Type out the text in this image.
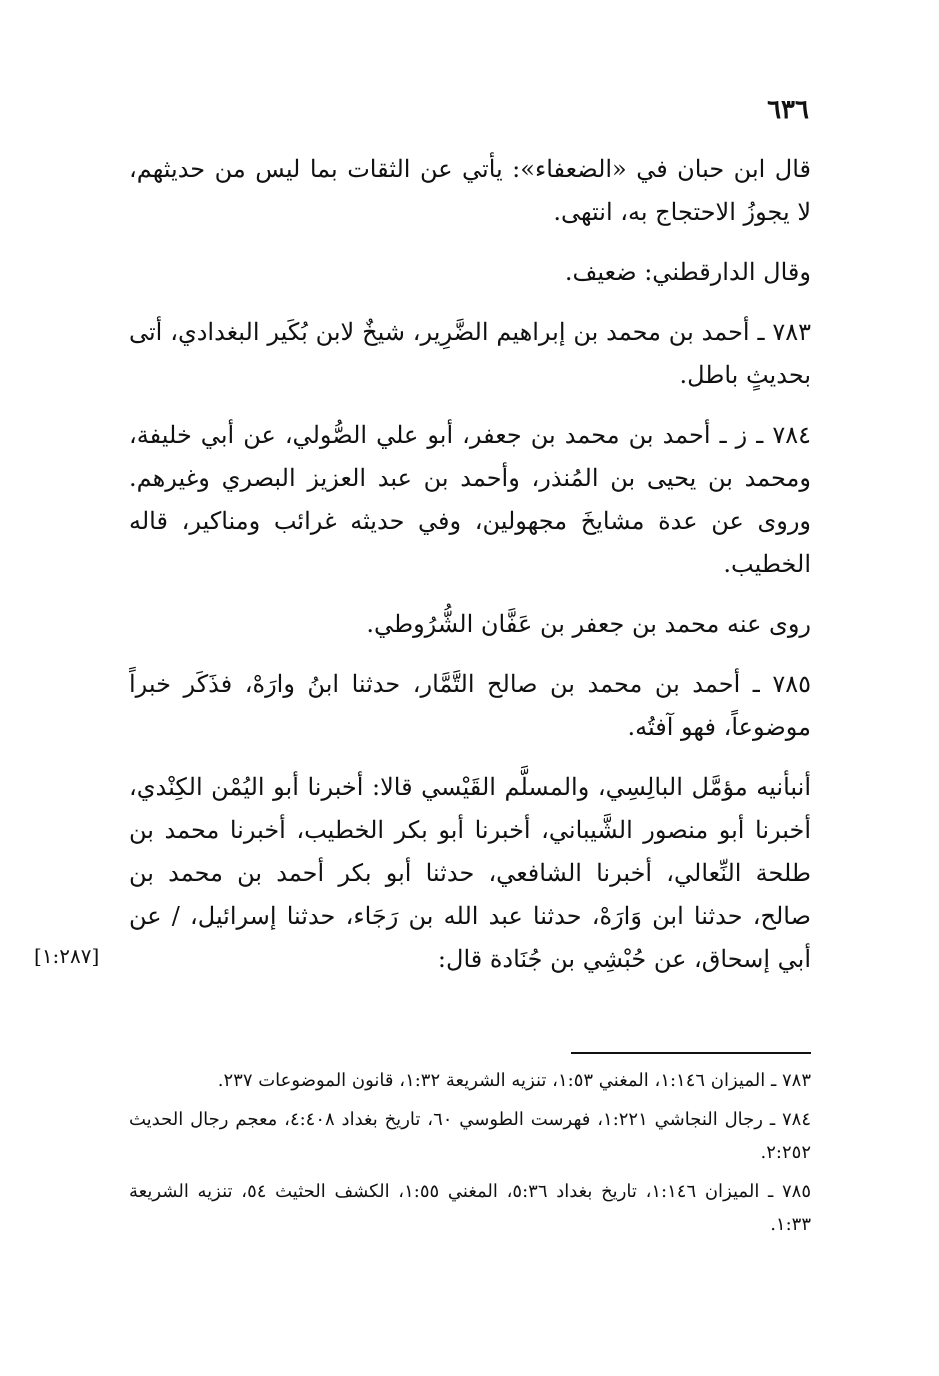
٦٣٦

قال ابن حبان في «الضعفاء»: يأتي عن الثقات بما ليس من حديثهم، لا يجوزُ الاحتجاج به، انتهى.

وقال الدارقطني: ضعيف.

٧٨٣ ـ أحمد بن محمد بن إبراهيم الضَّرِير، شيخٌ لابن بُكَير البغدادي، أتى بحديثٍ باطل.

٧٨٤ ـ ز ـ أحمد بن محمد بن جعفر، أبو علي الصُّولي، عن أبي خليفة، ومحمد بن يحيى بن المُنذر، وأحمد بن عبد العزيز البصري وغيرهم. وروى عن عدة مشايخَ مجهولين، وفي حديثه غرائب ومناكير، قاله الخطيب.

روى عنه محمد بن جعفر بن عَفَّان الشُّرُوطي.

٧٨٥ ـ أحمد بن محمد بن صالح التَّمَّار، حدثنا ابنُ وارَهْ، فذَكَر خبراً موضوعاً، فهو آفتُه.

أنبأنيه مؤمَّل البالِسِي، والمسلَّم القَيْسي قالا: أخبرنا أبو اليُمْن الكِنْدي، أخبرنا أبو منصور الشَّيباني، أخبرنا أبو بكر الخطيب، أخبرنا محمد بن طلحة النِّعالي، أخبرنا الشافعي، حدثنا أبو بكر أحمد بن محمد بن صالح، حدثنا ابن وَارَهْ، حدثنا عبد الله بن رَجَاء، حدثنا إسرائيل، / عن أبي إسحاق، عن حُبْشِي بن جُنَادة قال:

[١:٢٨٧]

٧٨٣ ـ الميزان ١:١٤٦، المغني ١:٥٣، تنزيه الشريعة ١:٣٢، قانون الموضوعات ٢٣٧.

٧٨٤ ـ رجال النجاشي ١:٢٢١، فهرست الطوسي ٦٠، تاريخ بغداد ٤:٤٠٨، معجم رجال الحديث ٢:٢٥٢.

٧٨٥ ـ الميزان ١:١٤٦، تاريخ بغداد ٥:٣٦، المغني ١:٥٥، الكشف الحثيث ٥٤، تنزيه الشريعة ١:٣٣.
